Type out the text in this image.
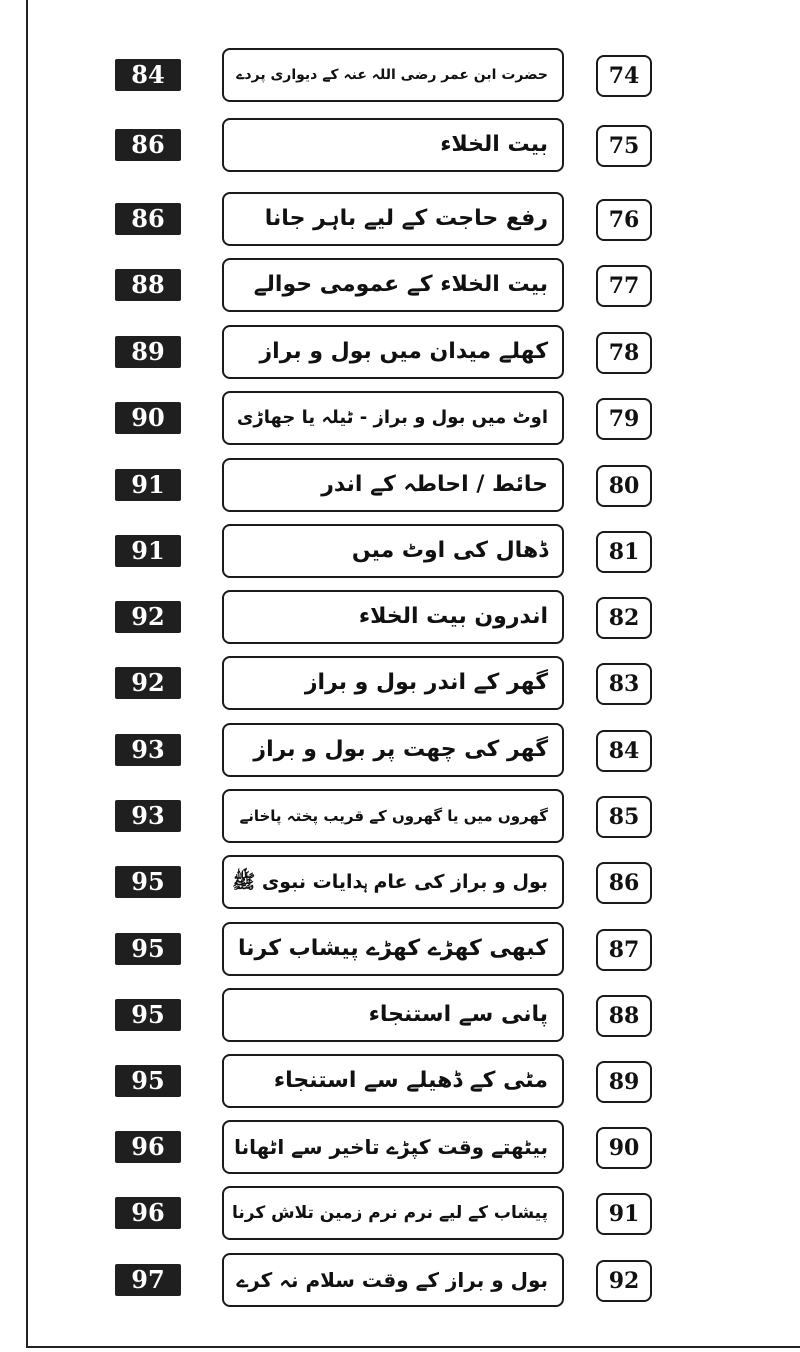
84	حضرت ابن عمر رضی اللہ عنہ کے دیواری پردے	74
86	بیت الخلاء	75
86	رفع حاجت کے لیے باہر جانا	76
88	بیت الخلاء کے عمومی حوالے	77
89	کھلے میدان میں بول و براز	78
90	اوٹ میں بول و براز - ٹیلہ یا جھاڑی	79
91	حائط / احاطہ کے اندر	80
91	ڈھال کی اوٹ میں	81
92	اندرون بیت الخلاء	82
92	گھر کے اندر بول و براز	83
93	گھر کی چھت پر بول و براز	84
93	گھروں میں یا گھروں کے قریب پختہ پاخانے	85
95	بول و براز کی عام ہدایات نبوی ﷺ	86
95	کبھی کھڑے کھڑے پیشاب کرنا	87
95	پانی سے استنجاء	88
95	مٹی کے ڈھیلے سے استنجاء	89
96	بیٹھتے وقت کپڑے تاخیر سے اٹھانا	90
96	پیشاب کے لیے نرم نرم زمین تلاش کرنا	91
97	بول و براز کے وقت سلام نہ کرے	92
